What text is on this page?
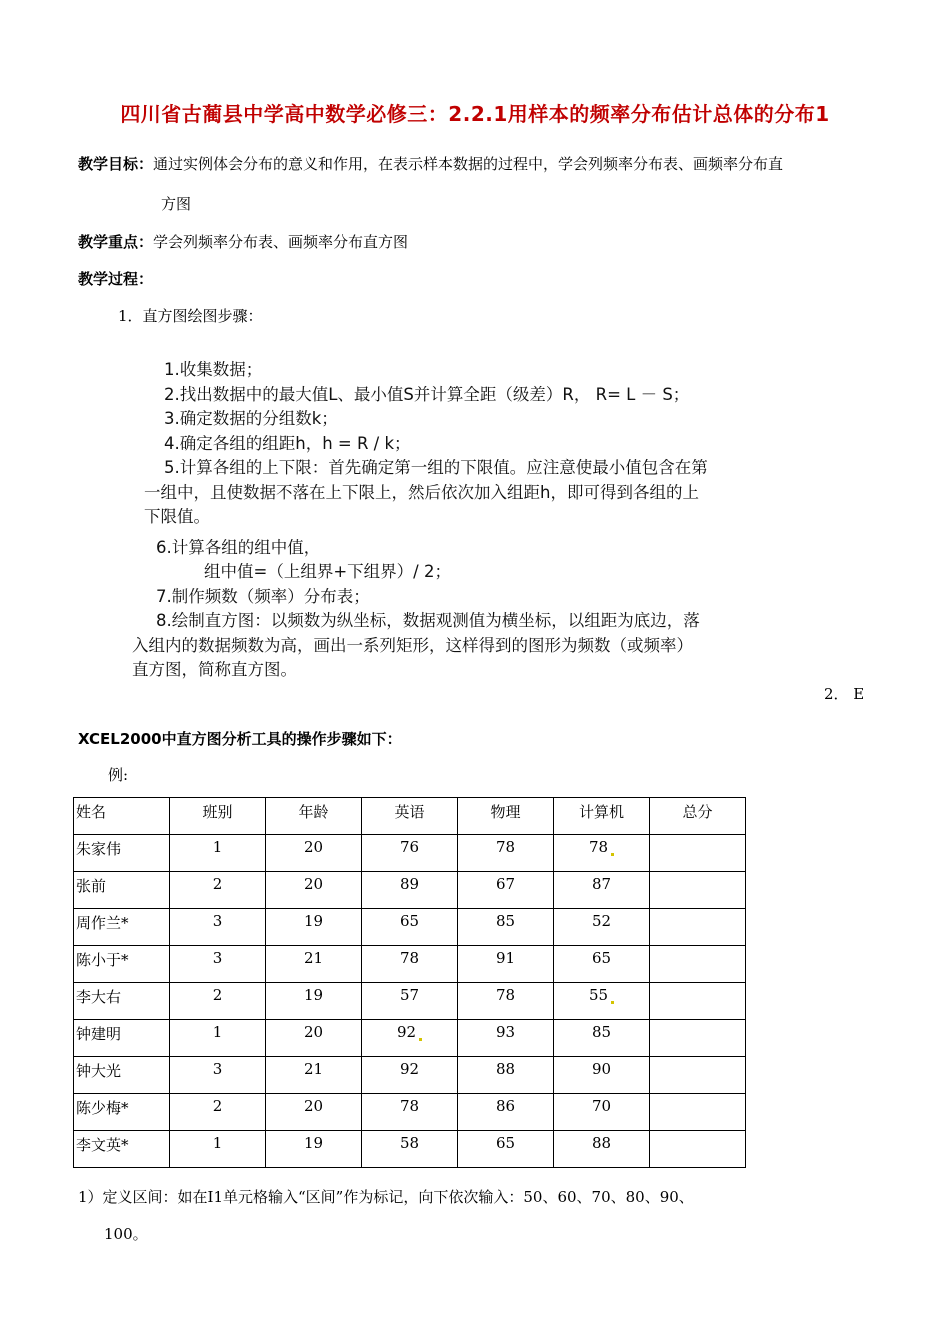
四川省古蔺县中学高中数学必修三：2.2.1用样本的频率分布估计总体的分布1
教学目标：通过实例体会分布的意义和作用，在表示样本数据的过程中，学会列频率分布表、画频率分布直
方图
教学重点：学会列频率分布表、画频率分布直方图
教学过程：
1．直方图绘图步骤：
1.收集数据；
2.找出数据中的最大值L、最小值S并计算全距（级差）R， R= L － S；
3.确定数据的分组数k；
4.确定各组的组距h，h = R / k；
5.计算各组的上下限：首先确定第一组的下限值。应注意使最小值包含在第
一组中，且使数据不落在上下限上，然后依次加入组距h，即可得到各组的上
下限值。
6.计算各组的组中值，
组中值=（上组界+下组界）/ 2；
7.制作频数（频率）分布表；
8.绘制直方图：以频数为纵坐标，数据观测值为横坐标，以组距为底边，落
入组内的数据频数为高，画出一系列矩形，这样得到的图形为频数（或频率）
直方图，简称直方图。
2． E
XCEL2000中直方图分析工具的操作步骤如下：
例:
姓名	班别	年龄	英语	物理	计算机	总分
朱家伟	1	20	76	78	78	
张前	2	20	89	67	87	
周作兰*	3	19	65	85	52	
陈小于*	3	21	78	91	65	
李大右	2	19	57	78	55	
钟建明	1	20	92	93	85	
钟大光	3	21	92	88	90	
陈少梅*	2	20	78	86	70	
李文英*	1	19	58	65	88	
1）定义区间：如在I1单元格输入“区间”作为标记，向下依次输入：50、60、70、80、90、
100。
